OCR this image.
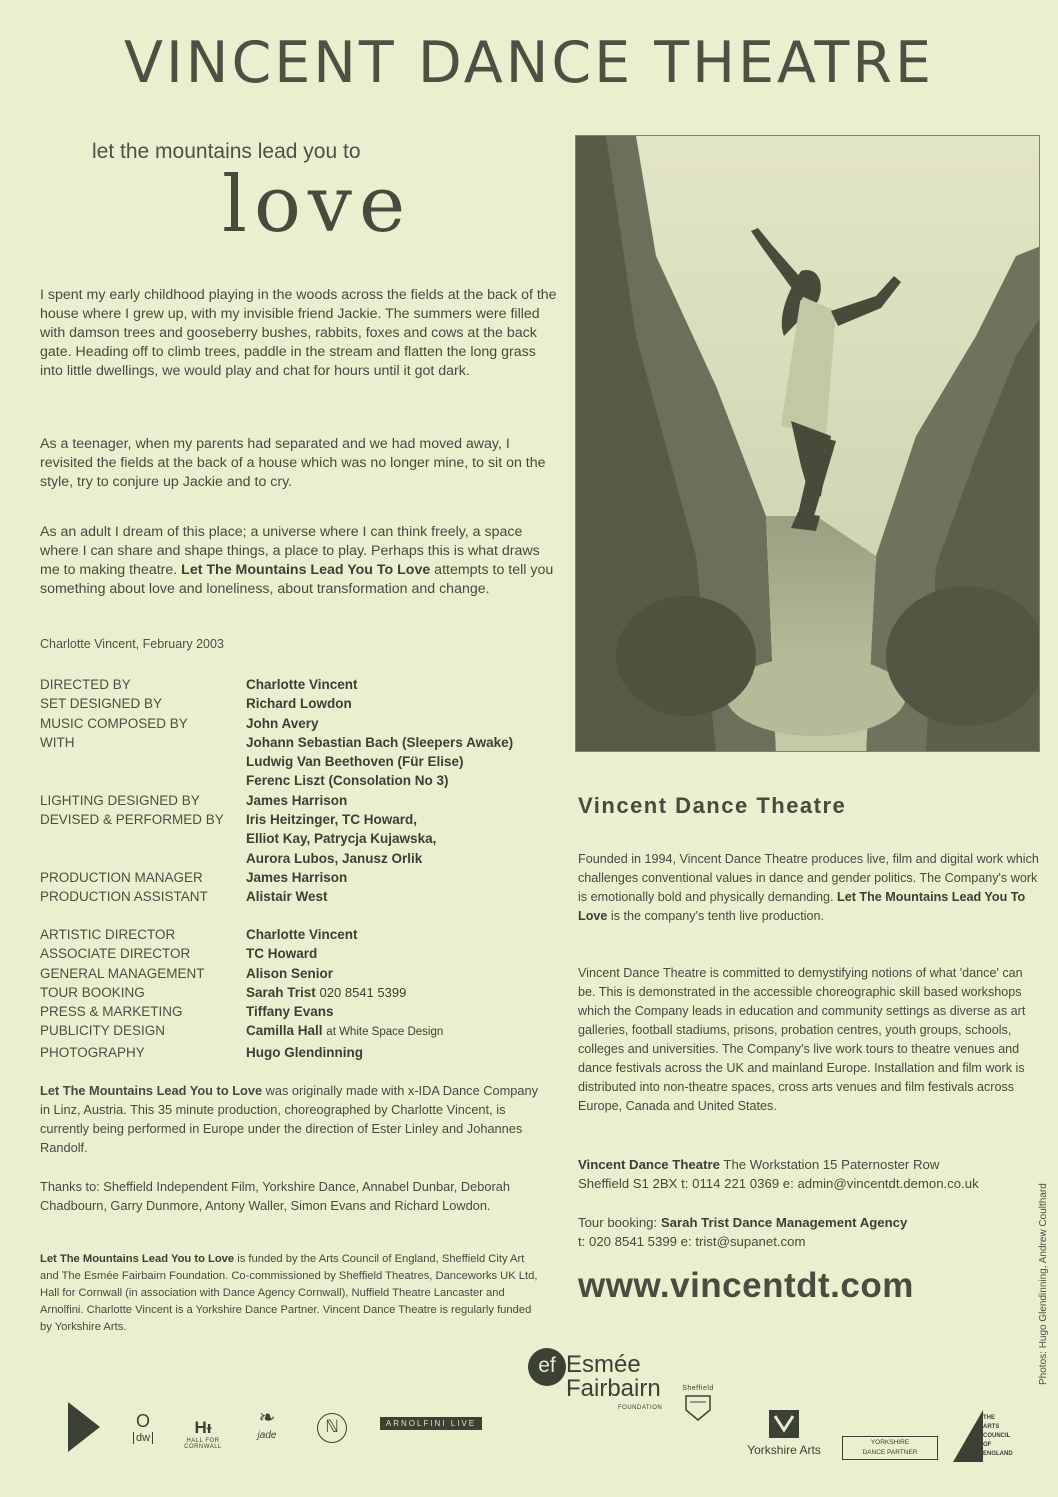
VINCENT DANCE THEATRE
let the mountains lead you to
love

I spent my early childhood playing in the woods across the fields at the back of the house where I grew up, with my invisible friend Jackie. The summers were filled with damson trees and gooseberry bushes, rabbits, foxes and cows at the back gate. Heading off to climb trees, paddle in the stream and flatten the long grass into little dwellings, we would play and chat for hours until it got dark.

As a teenager, when my parents had separated and we had moved away, I revisited the fields at the back of a house which was no longer mine, to sit on the style, try to conjure up Jackie and to cry.

As an adult I dream of this place; a universe where I can think freely, a space where I can share and shape things, a place to play. Perhaps this is what draws me to making theatre. Let The Mountains Lead You To Love attempts to tell you something about love and loneliness, about transformation and change.

Charlotte Vincent, February 2003
DIRECTED BY	Charlotte Vincent
SET DESIGNED BY	Richard Lowdon
MUSIC COMPOSED BY	John Avery
WITH	Johann Sebastian Bach (Sleepers Awake)
Ludwig Van Beethoven (Für Elise)
Ferenc Liszt (Consolation No 3)
LIGHTING DESIGNED BY	James Harrison
DEVISED & PERFORMED BY	Iris Heitzinger, TC Howard,
Elliot Kay, Patrycja Kujawska,
Aurora Lubos, Janusz Orlik
PRODUCTION MANAGER	James Harrison
PRODUCTION ASSISTANT	Alistair West
ARTISTIC DIRECTOR	Charlotte Vincent
ASSOCIATE DIRECTOR	TC Howard
GENERAL MANAGEMENT	Alison Senior
TOUR BOOKING	Sarah Trist 020 8541 5399
PRESS & MARKETING	Tiffany Evans
PUBLICITY DESIGN	Camilla Hall at White Space Design
PHOTOGRAPHY	Hugo Glendinning

Let The Mountains Lead You to Love was originally made with x-IDA Dance Company in Linz, Austria. This 35 minute production, choreographed by Charlotte Vincent, is currently being performed in Europe under the direction of Ester Linley and Johannes Randolf.

Thanks to: Sheffield Independent Film, Yorkshire Dance, Annabel Dunbar, Deborah Chadbourn, Garry Dunmore, Antony Waller, Simon Evans and Richard Lowdon.

Let The Mountains Lead You to Love is funded by the Arts Council of England, Sheffield City Art and The Esmée Fairbairn Foundation. Co-commissioned by Sheffield Theatres, Danceworks UK Ltd, Hall for Cornwall (in association with Dance Agency Cornwall), Nuffield Theatre Lancaster and Arnolfini. Charlotte Vincent is a Yorkshire Dance Partner. Vincent Dance Theatre is regularly funded by Yorkshire Arts.

Vincent Dance Theatre

Founded in 1994, Vincent Dance Theatre produces live, film and digital work which challenges conventional values in dance and gender politics. The Company's work is emotionally bold and physically demanding. Let The Mountains Lead You To Love is the company's tenth live production.

Vincent Dance Theatre is committed to demystifying notions of what 'dance' can be. This is demonstrated in the accessible choreographic skill based workshops which the Company leads in education and community settings as diverse as art galleries, football stadiums, prisons, probation centres, youth groups, schools, colleges and universities. The Company's live work tours to theatre venues and dance festivals across the UK and mainland Europe. Installation and film work is distributed into non-theatre spaces, cross arts venues and film festivals across Europe, Canada and United States.

Vincent Dance Theatre The Workstation 15 Paternoster Row
Sheffield S1 2BX t: 0114 221 0369 e: admin@vincentdt.demon.co.uk

Tour booking: Sarah Trist Dance Management Agency
t: 020 8541 5399 e: trist@supanet.com

www.vincentdt.com	Photos: Hugo Glendinning, Andrew Coulthard
O
dw
Hᵻ
HALL FOR CORNWALL
❧
jade	ℕ	ARNOLFINI LIVE
ef Esmée
Fairbairn
FOUNDATION
Sheffield
Yorkshire Arts
YORKSHIRE
DANCE PARTNER
THE
ARTS
COUNCIL
OF ENGLAND
